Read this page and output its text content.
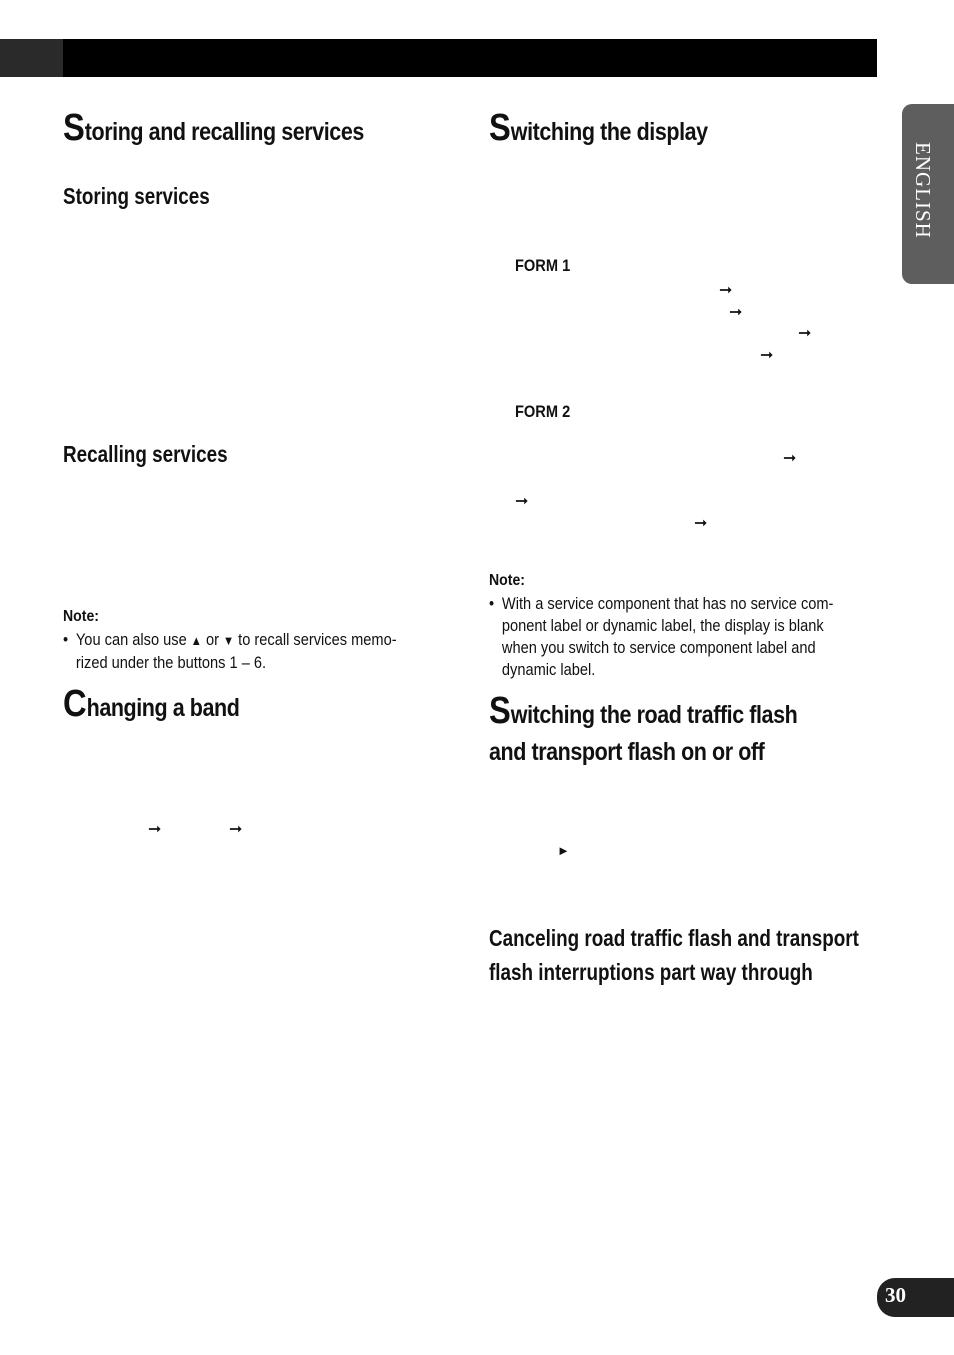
ENGLISH
Storing and recalling services
Storing services
Recalling services
Note:
• You can also use ▲ or ▼ to recall services memo-
rized under the buttons 1 – 6.
Changing a band
➞	➞
Switching the display
FORM 1
➞
➞
➞
➞
FORM 2
➞
➞
➞
Note:
• With a service component that has no service com-
ponent label or dynamic label, the display is blank
when you switch to service component label and
dynamic label.
Switching the road traffic flash
and transport flash on or off
►
Canceling road traffic flash and transport
flash interruptions part way through
30
